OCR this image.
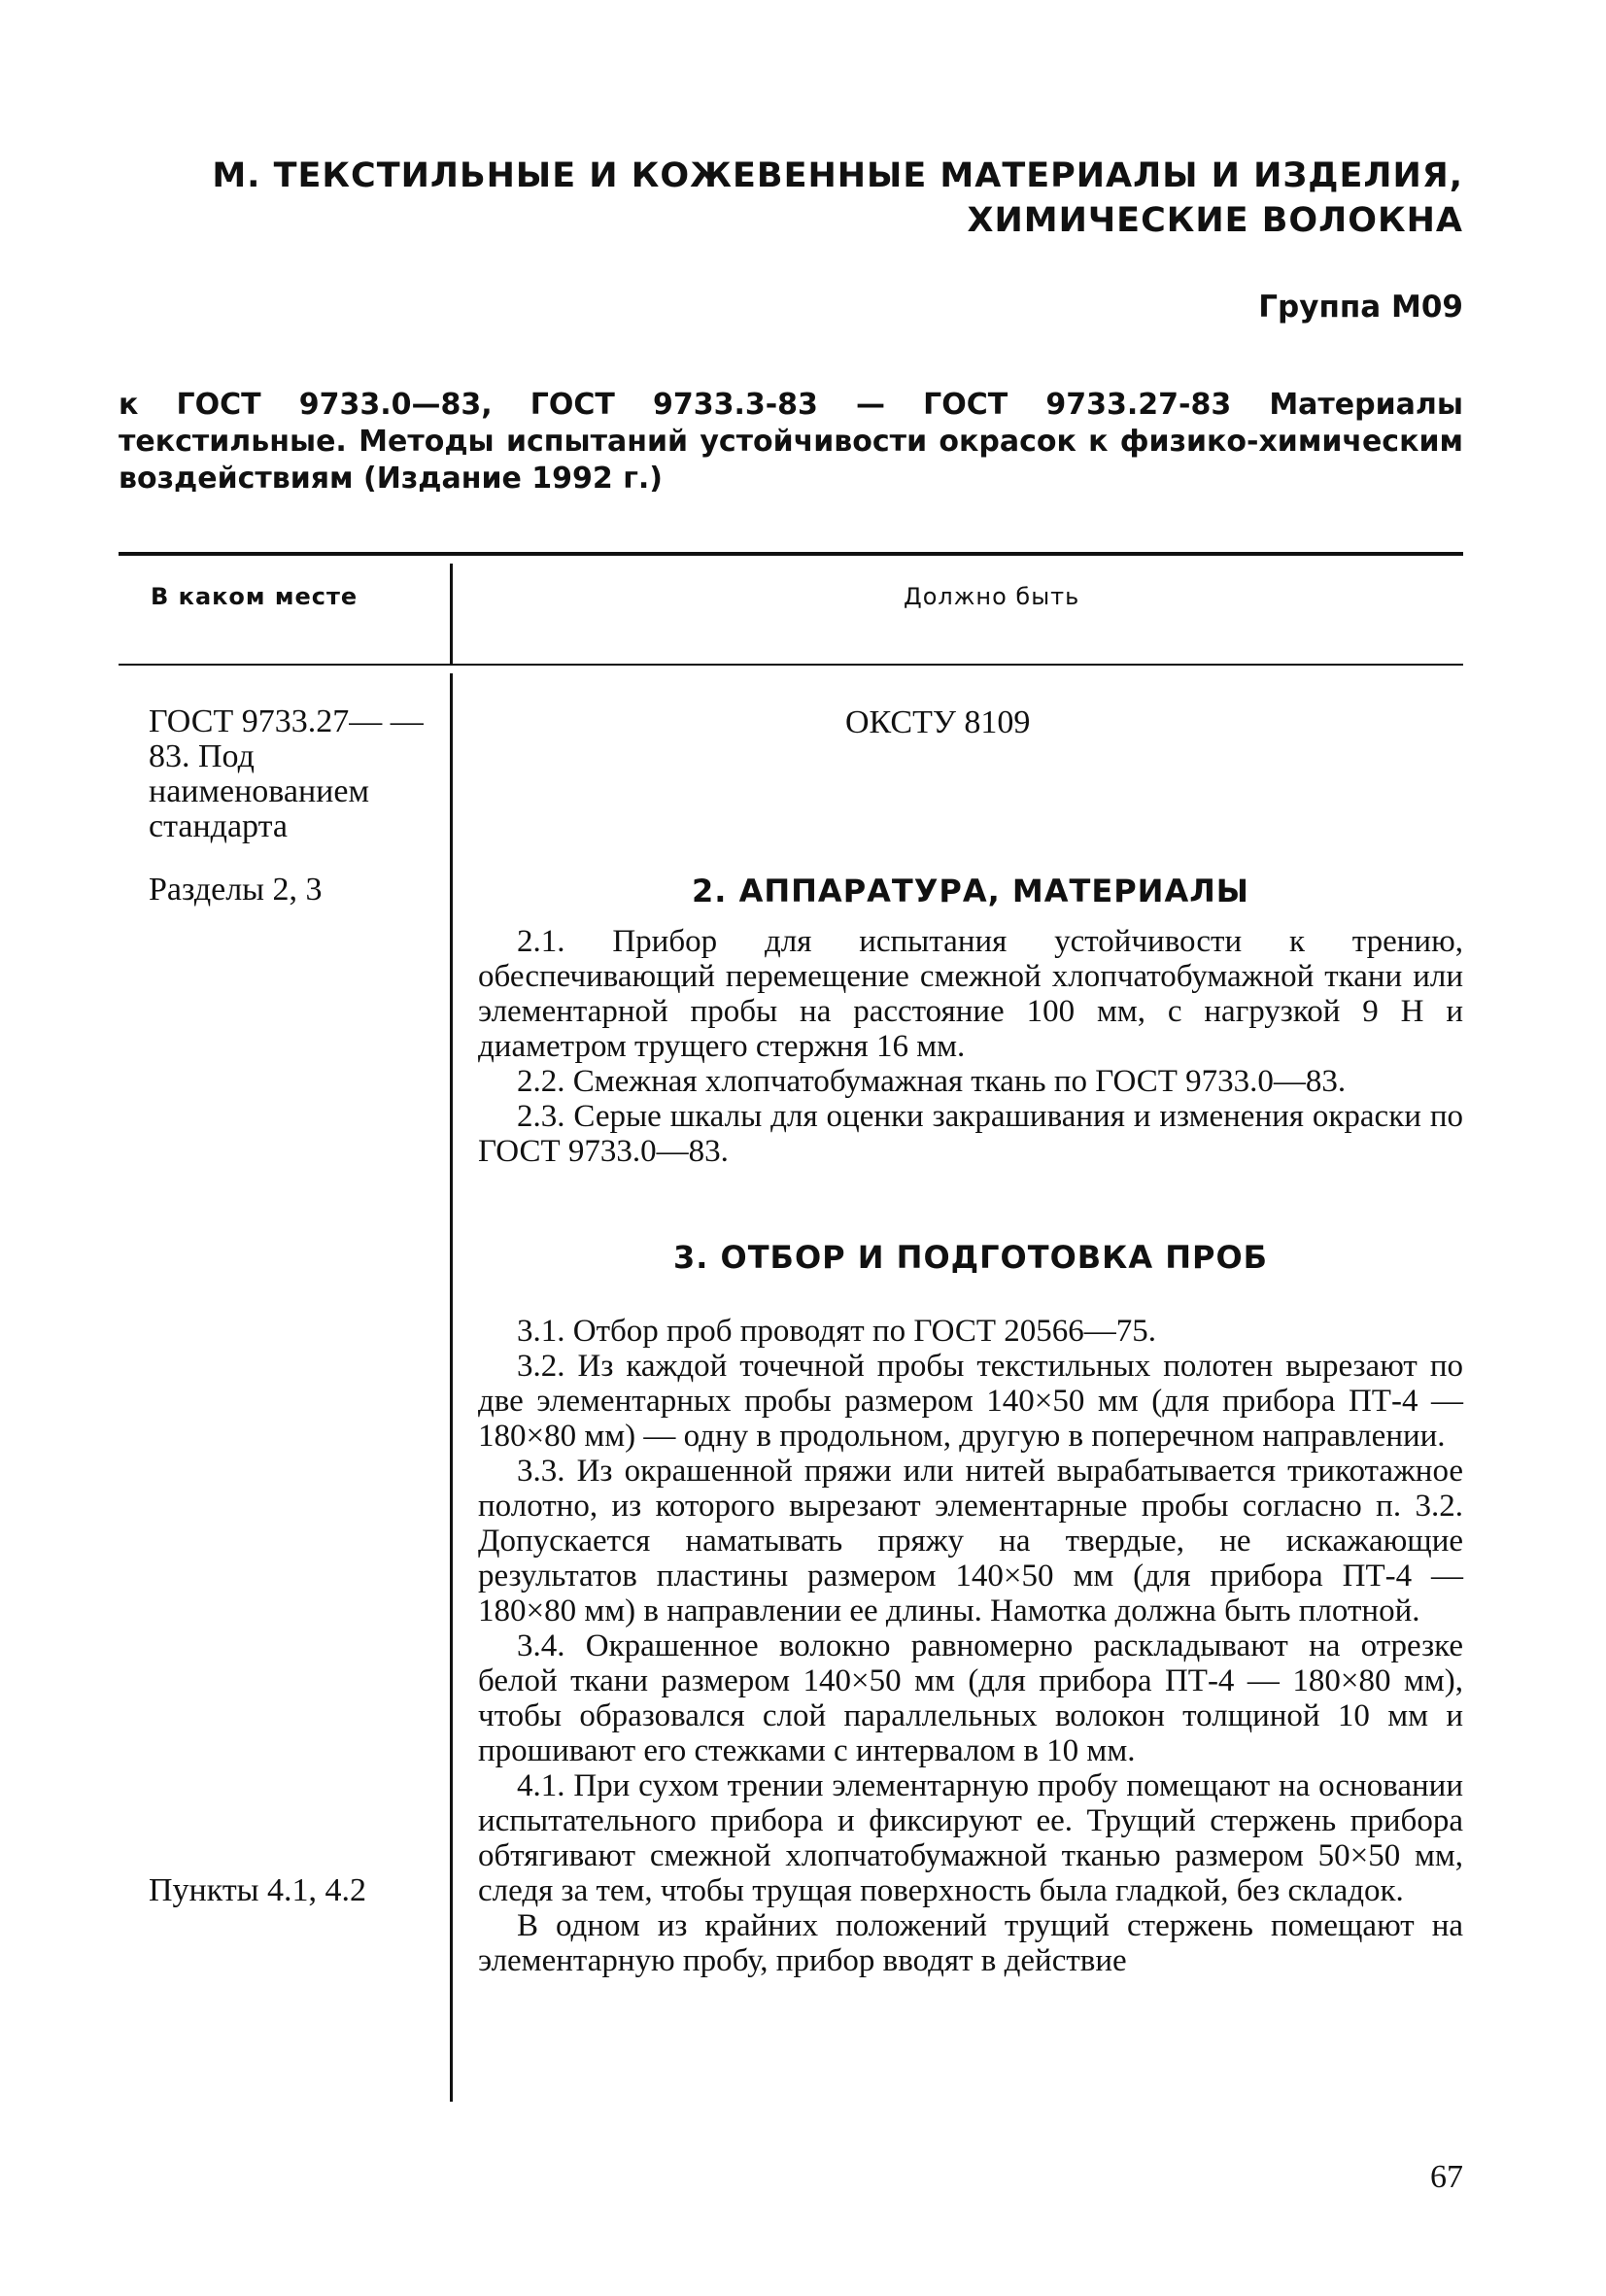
М. ТЕКСТИЛЬНЫЕ И КОЖЕВЕННЫЕ МАТЕРИАЛЫ И ИЗДЕЛИЯ,
ХИМИЧЕСКИЕ ВОЛОКНА
Группа М09
к ГОСТ 9733.0—83, ГОСТ 9733.3-83 — ГОСТ 9733.27-83 Материалы текстильные. Методы испытаний устойчивости окрасок к физико-химическим воздействиям (Издание 1992 г.)
В каком месте	Должно быть
ГОСТ 9733.27— —83. Под наименованием стандарта
Разделы 2, 3
Пункты 4.1, 4.2
ОКСТУ 8109
2. АППАРАТУРА, МАТЕРИАЛЫ

2.1. Прибор для испытания устойчивости к трению, обеспечивающий перемещение смежной хлопчатобумажной ткани или элементарной пробы на расстояние 100 мм, с нагрузкой 9 Н и диаметром трущего стержня 16 мм.

2.2. Смежная хлопчатобумажная ткань по ГОСТ 9733.0—83.

2.3. Серые шкалы для оценки закрашивания и изменения окраски по ГОСТ 9733.0—83.

3. ОТБОР И ПОДГОТОВКА ПРОБ

3.1. Отбор проб проводят по ГОСТ 20566—75.

3.2. Из каждой точечной пробы текстильных полотен вырезают по две элементарных пробы размером 140×50 мм (для прибора ПТ-4 — 180×80 мм) — одну в продольном, другую в поперечном направлении.

3.3. Из окрашенной пряжи или нитей вырабатывается трикотажное полотно, из которого вырезают элементарные пробы согласно п. 3.2. Допускается наматывать пряжу на твердые, не искажающие результатов пластины размером 140×50 мм (для прибора ПТ-4 — 180×80 мм) в направлении ее длины. Намотка должна быть плотной.

3.4. Окрашенное волокно равномерно раскладывают на отрезке белой ткани размером 140×50 мм (для прибора ПТ-4 — 180×80 мм), чтобы образовался слой параллельных волокон толщиной 10 мм и прошивают его стежками с интервалом в 10 мм.

4.1. При сухом трении элементарную пробу помещают на основании испытательного прибора и фиксируют ее. Трущий стержень прибора обтягивают смежной хлопчатобумажной тканью размером 50×50 мм, следя за тем, чтобы трущая поверхность была гладкой, без складок.

В одном из крайних положений трущий стержень помещают на элементарную пробу, прибор вводят в действие

67
